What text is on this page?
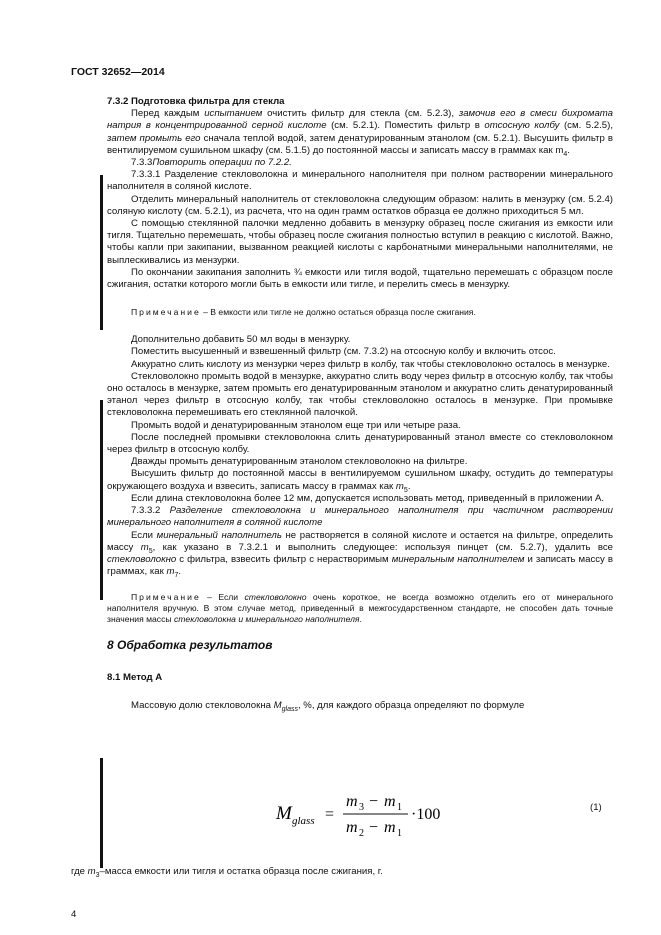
ГОСТ 32652—2014

7.3.2 Подготовка фильтра для стекла

Перед каждым испытанием очистить фильтр для стекла (см. 5.2.3), замочив его в смеси бихромата натрия в концентрированной серной кислоте (см. 5.2.1). Поместить фильтр в отсосную колбу (см. 5.2.5), затем промыть его сначала теплой водой, затем денатурированным этанолом (см. 5.2.1). Высушить фильтр в вентилируемом сушильном шкафу (см. 5.1.5) до постоянной массы и записать массу в граммах как $m_4$.

7.3.3Повторить операции по 7.2.2.

7.3.3.1 Разделение стекловолокна и минерального наполнителя при полном растворении минерального наполнителя в соляной кислоте.

Отделить минеральный наполнитель от стекловолокна следующим образом: налить в мензурку (см. 5.2.4) соляную кислоту (см. 5.2.1), из расчета, что на один грамм остатков образца ее должно приходиться 5 мл.

С помощью стеклянной палочки медленно добавить в мензурку образец после сжигания из емкости или тигля. Тщательно перемешать, чтобы образец после сжигания полностью вступил в реакцию с кислотой. Важно, чтобы капли при закипании, вызванном реакцией кислоты с карбонатными минеральными наполнителями, не выплескивались из мензурки.

По окончании закипания заполнить ¾ емкости или тигля водой, тщательно перемешать с образцом после сжигания, остатки которого могли быть в емкости или тигле, и перелить смесь в мензурку.

Примечание – В емкости или тигле не должно остаться образца после сжигания.

Дополнительно добавить 50 мл воды в мензурку.

Поместить высушенный и взвешенный фильтр (см. 7.3.2) на отсосную колбу и включить отсос.

Аккуратно слить кислоту из мензурки через фильтр в колбу, так чтобы стекловолокно осталось в мензурке.

Стекловолокно промыть водой в мензурке, аккуратно слить воду через фильтр в отсосную колбу, так чтобы оно осталось в мензурке, затем промыть его денатурированным этанолом и аккуратно слить денатурированный этанол через фильтр в отсосную колбу, так чтобы стекловолокно осталось в мензурке. При промывке стекловолокна перемешивать его стеклянной палочкой.

Промыть водой и денатурированным этанолом еще три или четыре раза.

После последней промывки стекловолокна слить денатурированный этанол вместе со стекловолокном через фильтр в отсосную колбу.

Дважды промыть денатурированным этанолом стекловолокно на фильтре.

Высушить фильтр до постоянной массы в вентилируемом сушильном шкафу, остудить до температуры окружающего воздуха и взвесить, записать массу в граммах как $m_5$.

Если длина стекловолокна более 12 мм, допускается использовать метод, приведенный в приложении А.

7.3.3.2 Разделение стекловолокна и минерального наполнителя при частичном растворении минерального наполнителя в соляной кислоте

Если минеральный наполнитель не растворяется в соляной кислоте и остается на фильтре, определить массу $m_5$, как указано в 7.3.2.1 и выполнить следующее: используя пинцет (см. 5.2.7), удалить все стекловолокно с фильтра, взвесить фильтр с нерастворимым минеральным наполнителем и записать массу в граммах, как $m_7$.

Примечание – Если стекловолокно очень короткое, не всегда возможно отделить его от минерального наполнителя вручную. В этом случае метод, приведенный в межгосударственном стандарте, не способен дать точные значения массы стекловолокна и минерального наполнителя.

8 Обработка результатов

8.1 Метод А

Массовую долю стекловолокна $M_{glass}$, %, для каждого образца определяют по формуле

M glass =
m 3 − m 1
m 2 − m 1
·100	(1)

где $m_3$–масса емкости или тигля и остатка образца после сжигания, г.

4
